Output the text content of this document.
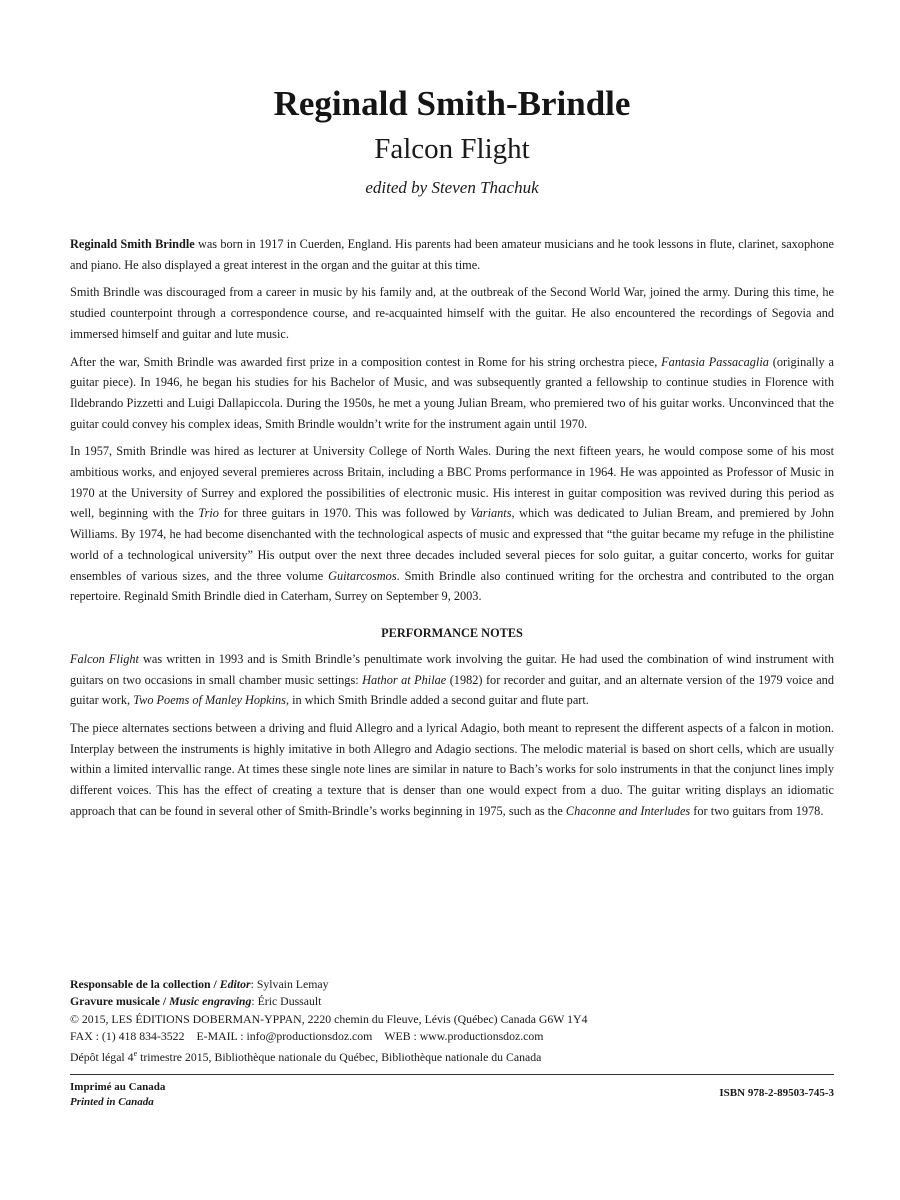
Reginald Smith-Brindle
Falcon Flight
edited by Steven Thachuk

Reginald Smith Brindle was born in 1917 in Cuerden, England. His parents had been amateur musicians and he took lessons in flute, clarinet, saxophone and piano. He also displayed a great interest in the organ and the guitar at this time.

Smith Brindle was discouraged from a career in music by his family and, at the outbreak of the Second World War, joined the army. During this time, he studied counterpoint through a correspondence course, and re-acquainted himself with the guitar. He also encountered the recordings of Segovia and immersed himself and guitar and lute music.

After the war, Smith Brindle was awarded first prize in a composition contest in Rome for his string orchestra piece, Fantasia Passacaglia (originally a guitar piece). In 1946, he began his studies for his Bachelor of Music, and was subsequently granted a fellowship to continue studies in Florence with Ildebrando Pizzetti and Luigi Dallapiccola. During the 1950s, he met a young Julian Bream, who premiered two of his guitar works. Unconvinced that the guitar could convey his complex ideas, Smith Brindle wouldn’t write for the instrument again until 1970.

In 1957, Smith Brindle was hired as lecturer at University College of North Wales. During the next fifteen years, he would compose some of his most ambitious works, and enjoyed several premieres across Britain, including a BBC Proms performance in 1964. He was appointed as Professor of Music in 1970 at the University of Surrey and explored the possibilities of electronic music. His interest in guitar composition was revived during this period as well, beginning with the Trio for three guitars in 1970. This was followed by Variants, which was dedicated to Julian Bream, and premiered by John Williams. By 1974, he had become disenchanted with the technological aspects of music and expressed that “the guitar became my refuge in the philistine world of a technological university” His output over the next three decades included several pieces for solo guitar, a guitar concerto, works for guitar ensembles of various sizes, and the three volume Guitarcosmos. Smith Brindle also continued writing for the orchestra and contributed to the organ repertoire. Reginald Smith Brindle died in Caterham, Surrey on September 9, 2003.

PERFORMANCE NOTES

Falcon Flight was written in 1993 and is Smith Brindle’s penultimate work involving the guitar. He had used the combination of wind instrument with guitars on two occasions in small chamber music settings: Hathor at Philae (1982) for recorder and guitar, and an alternate version of the 1979 voice and guitar work, Two Poems of Manley Hopkins, in which Smith Brindle added a second guitar and flute part.

The piece alternates sections between a driving and fluid Allegro and a lyrical Adagio, both meant to represent the different aspects of a falcon in motion. Interplay between the instruments is highly imitative in both Allegro and Adagio sections. The melodic material is based on short cells, which are usually within a limited intervallic range. At times these single note lines are similar in nature to Bach’s works for solo instruments in that the conjunct lines imply different voices. This has the effect of creating a texture that is denser than one would expect from a duo. The guitar writing displays an idiomatic approach that can be found in several other of Smith-Brindle’s works beginning in 1975, such as the Chaconne and Interludes for two guitars from 1978.

Responsable de la collection / Editor: Sylvain Lemay
Gravure musicale / Music engraving: Éric Dussault
© 2015, LES ÉDITIONS DOBERMAN-YPPAN, 2220 chemin du Fleuve, Lévis (Québec) Canada G6W 1Y4
FAX : (1) 418 834-3522 E-MAIL : info@productionsdoz.com WEB : www.productionsdoz.com
Dépôt légal 4e trimestre 2015, Bibliothèque nationale du Québec, Bibliothèque nationale du Canada
Imprimé au Canada
Printed in Canada
ISBN 978-2-89503-745-3
